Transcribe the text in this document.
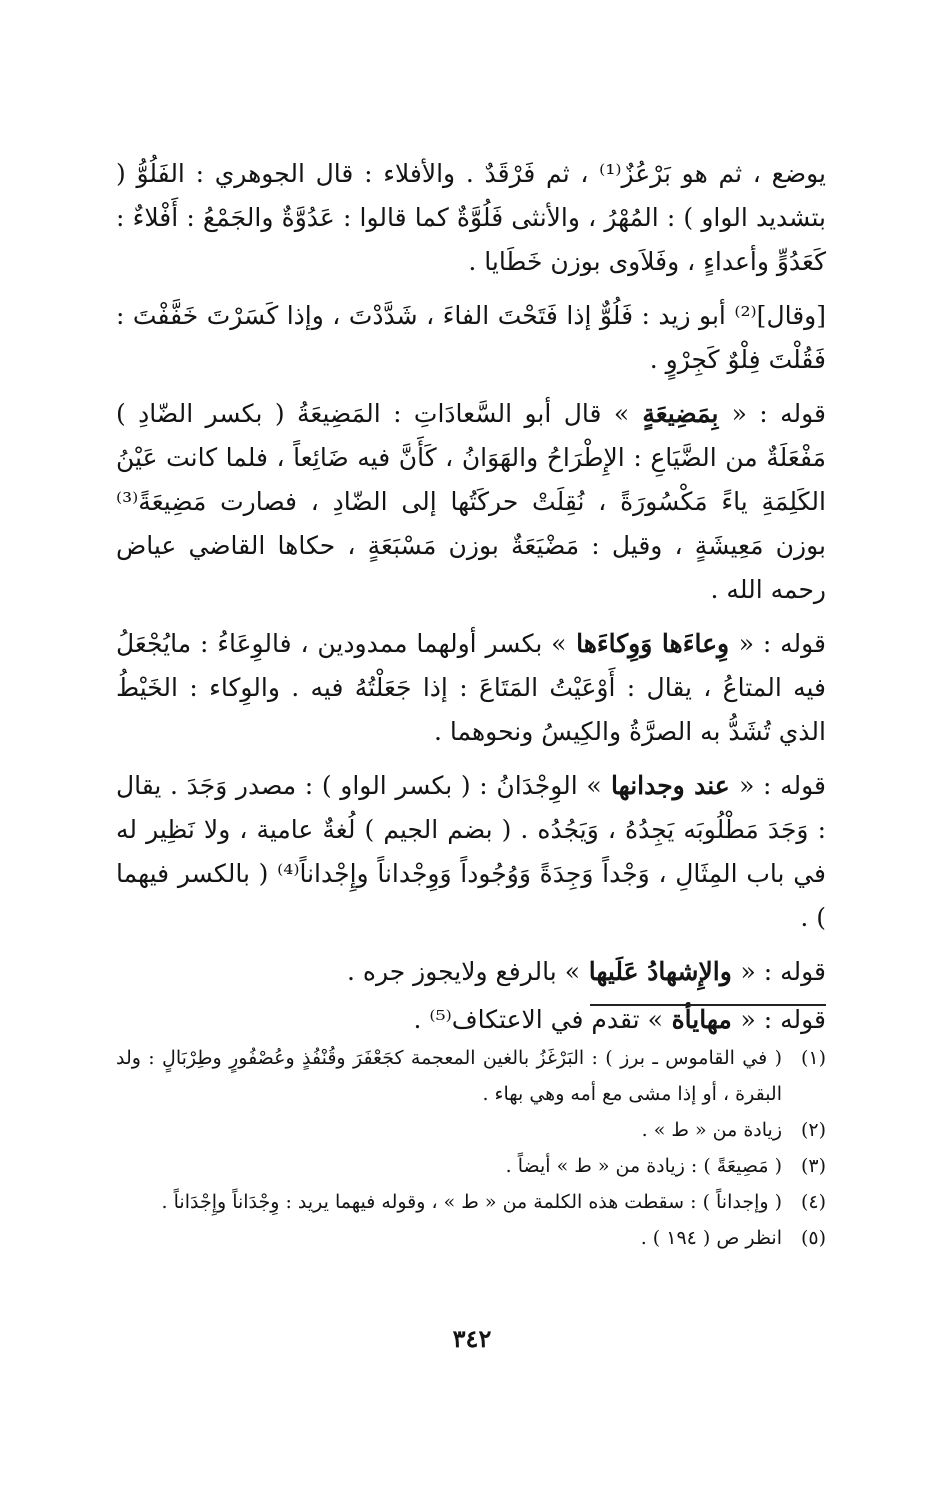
يوضع ، ثم هو بَرْعُزٌ⁽¹⁾ ، ثم فَرْقَدٌ . والأفلاء : قال الجوهري : الفَلُوُّ ( بتشديد الواو ) : المُهْرُ ، والأنثى فَلُوَّةٌ كما قالوا : عَدُوَّةٌ والجَمْعُ : أَفْلاءٌ : كَعَدُوٍّ وأعداءٍ ، وفَلاَوى بوزن خَطَايا .

[وقال]⁽²⁾ أبو زيد : فَلُوٌّ إذا فَتَحْتَ الفاءَ ، شَدَّدْتَ ، وإذا كَسَرْتَ خَفَّفْتَ : فَقُلْتَ فِلْوٌ كَجِرْوٍ .

قوله : « بِمَضِيعَةٍ » قال أبو السَّعادَاتِ : المَضِيعَةُ ( بكسر الضّادِ ) مَفْعَلَةٌ من الضَّيَاعِ : الإِطْرَاحُ والهَوَانُ ، كَأَنَّ فيه ضَائِعاً ، فلما كانت عَيْنُ الكَلِمَةِ ياءً مَكْسُورَةً ، نُقِلَتْ حركَتُها إلى الضّادِ ، فصارت مَضِيعَةً⁽³⁾ بوزن مَعِيشَةٍ ، وقيل : مَضْيَعَةٌ بوزن مَسْبَعَةٍ ، حكاها القاضي عياض رحمه الله .

قوله : « وِعاءَها وَوِكاءَها » بكسر أولهما ممدودين ، فالوِعَاءُ : مايُجْعَلُ فيه المتاعُ ، يقال : أَوْعَيْتُ المَتَاعَ : إذا جَعَلْتُهُ فيه . والوِكاء : الخَيْطُ الذي تُشَدُّ به الصرَّةُ والكِيسُ ونحوهما .

قوله : « عند وجدانها » الوِجْدَانُ : ( بكسر الواو ) : مصدر وَجَدَ . يقال : وَجَدَ مَطْلُوبَه يَجِدُهُ ، وَيَجُدُه . ( بضم الجيم ) لُغةٌ عامية ، ولا نَظِير له في باب المِثَالِ ، وَجْداً وَجِدَةً وَوُجُوداً وَوِجْداناً وإِجْداناً⁽⁴⁾ ( بالكسر فيهما ) .

قوله : « والإِشهادُ عَلَيها » بالرفع ولايجوز جره .

قوله : « مهايأة » تقدم في الاعتكاف⁽⁵⁾ .

(١)
( في القاموس ـ برز ) : البَرْغَزُ بالغين المعجمة كجَعْفَرَ وقُنْفُذٍ وعُصْفُورٍ وطِرْبَالٍ : ولد البقرة ، أو إذا مشى مع أمه وهي بهاء .
(٢)
زيادة من « ط » .
(٣)
( مَصِيعَةً ) : زيادة من « ط » أيضاً .
(٤)
( وإجداناً ) : سقطت هذه الكلمة من « ط » ، وقوله فيهما يريد : وِجْدَاناً وإِجْدَاناً .
(٥)
انظر ص ( ١٩٤ ) .
٣٤٢
